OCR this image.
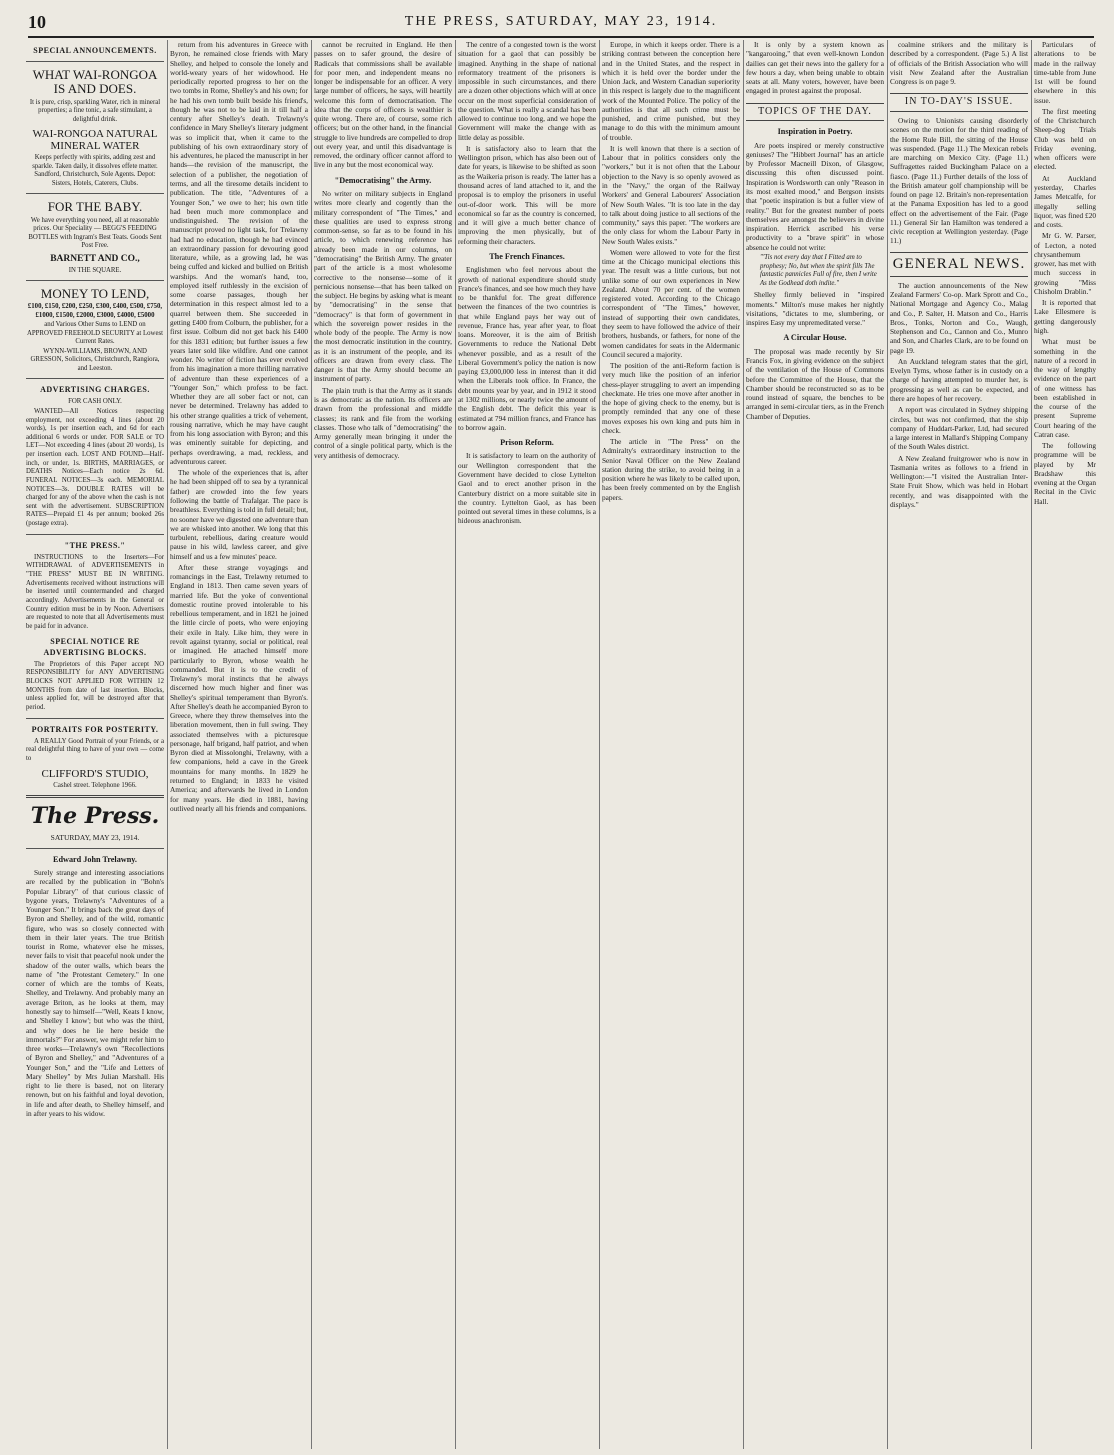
10	THE PRESS, SATURDAY, MAY 23, 1914.
SPECIAL ANNOUNCEMENTS.
WHAT WAI-RONGOA IS AND DOES.
It is pure, crisp, sparkling Water, rich in mineral properties; a fine tonic, a safe stimulant, a delightful drink.
WAI-RONGOA NATURAL MINERAL WATER
Keeps perfectly with spirits, adding zest and sparkle. Taken daily, it dissolves effete matter. Sandford, Christchurch, Sole Agents. Depot: Sisters, Hotels, Caterers, Clubs.
FOR THE BABY.
We have everything you need, all at reasonable prices. Our Speciality — BEGG'S FEEDING BOTTLES with Ingram's Best Teats. Goods Sent Post Free.
BARNETT AND CO.,
IN THE SQUARE.
MONEY TO LEND,
£100, £150, £200, £250, £300, £400, £500, £750, £1000, £1500, £2000, £3000, £4000, £5000
and Various Other Sums to LEND on APPROVED FREEHOLD SECURITY at Lowest Current Rates.
WYNN-WILLIAMS, BROWN, AND GRESSON, Solicitors, Christchurch, Rangiora, and Leeston.
ADVERTISING CHARGES.
FOR CASH ONLY.

WANTED—All Notices respecting employment, not exceeding 4 lines (about 20 words), 1s per insertion each, and 6d for each additional 6 words or under. FOR SALE or TO LET—Not exceeding 4 lines (about 20 words), 1s per insertion each. LOST AND FOUND—Half-inch, or under, 1s. BIRTHS, MARRIAGES, or DEATHS Notices—Each notice 2s 6d. FUNERAL NOTICES—3s each. MEMORIAL NOTICES—3s. DOUBLE RATES will be charged for any of the above when the cash is not sent with the advertisement. SUBSCRIPTION RATES—Prepaid £1 4s per annum; booked 26s (postage extra).

"THE PRESS."

INSTRUCTIONS to the Inserters—For WITHDRAWAL of ADVERTISEMENTS in "THE PRESS" MUST BE IN WRITING. Advertisements received without instructions will be inserted until countermanded and charged accordingly. Advertisements in the General or Country edition must be in by Noon. Advertisers are requested to note that all Advertisements must be paid for in advance.

SPECIAL NOTICE RE ADVERTISING BLOCKS.

The Proprietors of this Paper accept NO RESPONSIBILITY for ANY ADVERTISING BLOCKS NOT APPLIED FOR WITHIN 12 MONTHS from date of last insertion. Blocks, unless applied for, will be destroyed after that period.

PORTRAITS FOR POSTERITY.

A REALLY Good Portrait of your Friends, or a real delightful thing to have of your own — come to

CLIFFORD'S STUDIO,
Cashel street. Telephone 1966.
The Press.
SATURDAY, MAY 23, 1914.
Edward John Trelawny.

Surely strange and interesting associations are recalled by the publication in "Bohn's Popular Library" of that curious classic of bygone years, Trelawny's "Adventures of a Younger Son." It brings back the great days of Byron and Shelley, and of the wild, romantic figure, who was so closely connected with them in their later years. The true British tourist in Rome, whatever else he misses, never fails to visit that peaceful nook under the shadow of the outer walls, which bears the name of "the Protestant Cemetery." In one corner of which are the tombs of Keats, Shelley, and Trelawny. And probably many an average Briton, as he looks at them, may honestly say to himself—"Well, Keats I know, and 'Shelley I know'; but who was the third, and why does he lie here beside the immortals?" For answer, we might refer him to three works—Trelawny's own "Recollections of Byron and Shelley," and "Adventures of a Younger Son," and the "Life and Letters of Mary Shelley" by Mrs Julian Marshall. His right to lie there is based, not on literary renown, but on his faithful and loyal devotion, in life and after death, to Shelley himself, and in after years to his widow.

return from his adventures in Greece with Byron, he remained close friends with Mary Shelley, and helped to console the lonely and world-weary years of her widowhood. He periodically reported progress to her on the two tombs in Rome, Shelley's and his own; for he had his own tomb built beside his friend's, though he was not to be laid in it till half a century after Shelley's death. Trelawny's confidence in Mary Shelley's literary judgment was so implicit that, when it came to the publishing of his own extraordinary story of his adventures, he placed the manuscript in her hands—the revision of the manuscript, the selection of a publisher, the negotiation of terms, and all the tiresome details incident to publication. The title, "Adventures of a Younger Son," we owe to her; his own title had been much more commonplace and undistinguished. The revision of the manuscript proved no light task, for Trelawny had had no education, though he had evinced an extraordinary passion for devouring good literature, while, as a growing lad, he was being cuffed and kicked and bullied on British warships. And the woman's hand, too, employed itself ruthlessly in the excision of some coarse passages, though her determination in this respect almost led to a quarrel between them. She succeeded in getting £400 from Colburn, the publisher, for a first issue. Colburn did not get back his £400 for this 1831 edition; but further issues a few years later sold like wildfire. And one cannot wonder. No writer of fiction has ever evolved from his imagination a more thrilling narrative of adventure than these experiences of a "Younger Son," which profess to be fact. Whether they are all sober fact or not, can never be determined. Trelawny has added to his other strange qualities a trick of vehement, rousing narrative, which he may have caught from his long association with Byron; and this was eminently suitable for depicting, and perhaps overdrawing, a mad, reckless, and adventurous career.

The whole of the experiences that is, after he had been shipped off to sea by a tyrannical father) are crowded into the few years following the battle of Trafalgar. The pace is breathless. Everything is told in full detail; but, no sooner have we digested one adventure than we are whisked into another. We long that this turbulent, rebellious, daring creature would pause in his wild, lawless career, and give himself and us a few minutes' peace.

After these strange voyagings and romancings in the East, Trelawny returned to England in 1813. Then came seven years of married life. But the yoke of conventional domestic routine proved intolerable to his rebellious temperament, and in 1821 he joined the little circle of poets, who were enjoying their exile in Italy. Like him, they were in revolt against tyranny, social or political, real or imagined. He attached himself more particularly to Byron, whose wealth he commanded. But it is to the credit of Trelawny's moral instincts that he always discerned how much higher and finer was Shelley's spiritual temperament than Byron's. After Shelley's death he accompanied Byron to Greece, where they threw themselves into the liberation movement, then in full swing. They associated themselves with a picturesque personage, half brigand, half patriot, and when Byron died at Missolonghi, Trelawny, with a few companions, held a cave in the Greek mountains for many months. In 1829 he returned to England; in 1833 he visited America; and afterwards he lived in London for many years. He died in 1881, having outlived nearly all his friends and companions.

cannot be recruited in England. He then passes on to safer ground, the desire of Radicals that commissions shall be available for poor men, and independent means no longer be indispensable for an officer. A very large number of officers, he says, will heartily welcome this form of democratisation. The idea that the corps of officers is wealthier is quite wrong. There are, of course, some rich officers; but on the other hand, in the financial struggle to live hundreds are compelled to drop out every year, and until this disadvantage is removed, the ordinary officer cannot afford to live in any but the most economical way.

"Democratising" the Army.

No writer on military subjects in England writes more clearly and cogently than the military correspondent of "The Times," and these qualities are used to express strong common-sense, so far as to be found in his article, to which renewing reference has already been made in our columns, on "democratising" the British Army. The greater part of the article is a most wholesome corrective to the nonsense—some of it pernicious nonsense—that has been talked on the subject. He begins by asking what is meant by "democratising" in the sense that "democracy" is that form of government in which the sovereign power resides in the whole body of the people. The Army is now the most democratic institution in the country, as it is an instrument of the people, and its officers are drawn from every class. The danger is that the Army should become an instrument of party.

The plain truth is that the Army as it stands is as democratic as the nation. Its officers are drawn from the professional and middle classes; its rank and file from the working classes. Those who talk of "democratising" the Army generally mean bringing it under the control of a single political party, which is the very antithesis of democracy.

The centre of a congested town is the worst situation for a gaol that can possibly be imagined. Anything in the shape of national reformatory treatment of the prisoners is impossible in such circumstances, and there are a dozen other objections which will at once occur on the most superficial consideration of the question. What is really a scandal has been allowed to continue too long, and we hope the Government will make the change with as little delay as possible.

It is satisfactory also to learn that the Wellington prison, which has also been out of date for years, is likewise to be shifted as soon as the Waikeria prison is ready. The latter has a thousand acres of land attached to it, and the proposal is to employ the prisoners in useful out-of-door work. This will be more economical so far as the country is concerned, and it will give a much better chance of improving the men physically, but of reforming their characters.

The French Finances.

Englishmen who feel nervous about the growth of national expenditure should study France's finances, and see how much they have to be thankful for. The great difference between the finances of the two countries is that while England pays her way out of revenue, France has, year after year, to float loans. Moreover, it is the aim of British Governments to reduce the National Debt whenever possible, and as a result of the Liberal Government's policy the nation is now paying £3,000,000 less in interest than it did when the Liberals took office. In France, the debt mounts year by year, and in 1912 it stood at 1302 millions, or nearly twice the amount of the English debt. The deficit this year is estimated at 794 million francs, and France has to borrow again.

Prison Reform.

It is satisfactory to learn on the authority of our Wellington correspondent that the Government have decided to close Lyttelton Gaol and to erect another prison in the Canterbury district on a more suitable site in the country. Lyttelton Gaol, as has been pointed out several times in these columns, is a hideous anachronism.

Europe, in which it keeps order. There is a striking contrast between the conception here and in the United States, and the respect in which it is held over the border under the Union Jack, and Western Canadian superiority in this respect is largely due to the magnificent work of the Mounted Police. The policy of the authorities is that all such crime must be punished, and crime punished, but they manage to do this with the minimum amount of trouble.

It is well known that there is a section of Labour that in politics considers only the "workers," but it is not often that the Labour objection to the Navy is so openly avowed as in the "Navy," the organ of the Railway Workers' and General Labourers' Association of New South Wales. "It is too late in the day to talk about doing justice to all sections of the community," says this paper. "The workers are the only class for whom the Labour Party in New South Wales exists."

Women were allowed to vote for the first time at the Chicago municipal elections this year. The result was a little curious, but not unlike some of our own experiences in New Zealand. About 70 per cent. of the women registered voted. According to the Chicago correspondent of "The Times," however, instead of supporting their own candidates, they seem to have followed the advice of their brothers, husbands, or fathers, for none of the women candidates for seats in the Aldermanic Council secured a majority.

The position of the anti-Reform faction is very much like the position of an inferior chess-player struggling to avert an impending checkmate. He tries one move after another in the hope of giving check to the enemy, but is promptly reminded that any one of these moves exposes his own king and puts him in check.

The article in "The Press" on the Admiralty's extraordinary instruction to the Senior Naval Officer on the New Zealand station during the strike, to avoid being in a position where he was likely to be called upon, has been freely commented on by the English papers.

It is only by a system known as "kangarooing," that even well-known London dailies can get their news into the gallery for a few hours a day, when being unable to obtain seats at all. Many voters, however, have been engaged in protest against the proposal.

TOPICS OF THE DAY.
Inspiration in Poetry.

Are poets inspired or merely constructive geniuses? The "Hibbert Journal" has an article by Professor Macneill Dixon, of Glasgow, discussing this often discussed point. Inspiration is Wordsworth can only "Reason in its most exalted mood," and Bergson insists that "poetic inspiration is but a fuller view of reality." But for the greatest number of poets themselves are amongst the believers in divine inspiration. Herrick ascribed his verse productivity to a "brave spirit" in whose absence he could not write:

"'Tis not every day that I Fitted am to prophesy; No, but when the spirit fills The fantastic pannicles Full of fire, then I write As the Godhead doth indite."

Shelley firmly believed in "inspired moments." Milton's muse makes her nightly visitations, "dictates to me, slumbering, or inspires Easy my unpremeditated verse."

A Circular House.

The proposal was made recently by Sir Francis Fox, in giving evidence on the subject of the ventilation of the House of Commons before the Committee of the House, that the Chamber should be reconstructed so as to be round instead of square, the benches to be arranged in semi-circular tiers, as in the French Chamber of Deputies.

coalmine strikers and the military is described by a correspondent. (Page 5.) A list of officials of the British Association who will visit New Zealand after the Australian Congress is on page 9.

IN TO-DAY'S ISSUE.

Owing to Unionists causing disorderly scenes on the motion for the third reading of the Home Rule Bill, the sitting of the House was suspended. (Page 11.) The Mexican rebels are marching on Mexico City. (Page 11.) Suffragettes raided Buckingham Palace on a fiasco. (Page 11.) Further details of the loss of the British amateur golf championship will be found on page 12. Britain's non-representation at the Panama Exposition has led to a good effect on the advertisement of the Fair. (Page 11.) General Sir Ian Hamilton was tendered a civic reception at Wellington yesterday. (Page 11.)

GENERAL NEWS.

The auction announcements of the New Zealand Farmers' Co-op. Mark Sprott and Co., National Mortgage and Agency Co., Malag and Co., P. Salter, H. Matson and Co., Harris Bros., Tonks, Norton and Co., Waugh, Stephenson and Co., Cannon and Co., Munro and Son, and Charles Clark, are to be found on page 19.

An Auckland telegram states that the girl, Evelyn Tyms, whose father is in custody on a charge of having attempted to murder her, is progressing as well as can be expected, and there are hopes of her recovery.

A report was circulated in Sydney shipping circles, but was not confirmed, that the ship company of Huddart-Parker, Ltd, had secured a large interest in Mallard's Shipping Company of the South Wales district.

A New Zealand fruitgrower who is now in Tasmania writes as follows to a friend in Wellington:—"I visited the Australian Inter-State Fruit Show, which was held in Hobart recently, and was disappointed with the displays."

Particulars of alterations to be made in the railway time-table from June 1st will be found elsewhere in this issue.

The first meeting of the Christchurch Sheep-dog Trials Club was held on Friday evening, when officers were elected.

At Auckland yesterday, Charles James Metcalfe, for illegally selling liquor, was fined £20 and costs.

Mr G. W. Parser, of Lecton, a noted chrysanthemum grower, has met with much success in growing "Miss Chisholm Drablin."

It is reported that Lake Ellesmere is getting dangerously high.

What must be something in the nature of a record in the way of lengthy evidence on the part of one witness has been established in the course of the present Supreme Court hearing of the Catran case.

The following programme will be played by Mr Bradshaw this evening at the Organ Recital in the Civic Hall.
